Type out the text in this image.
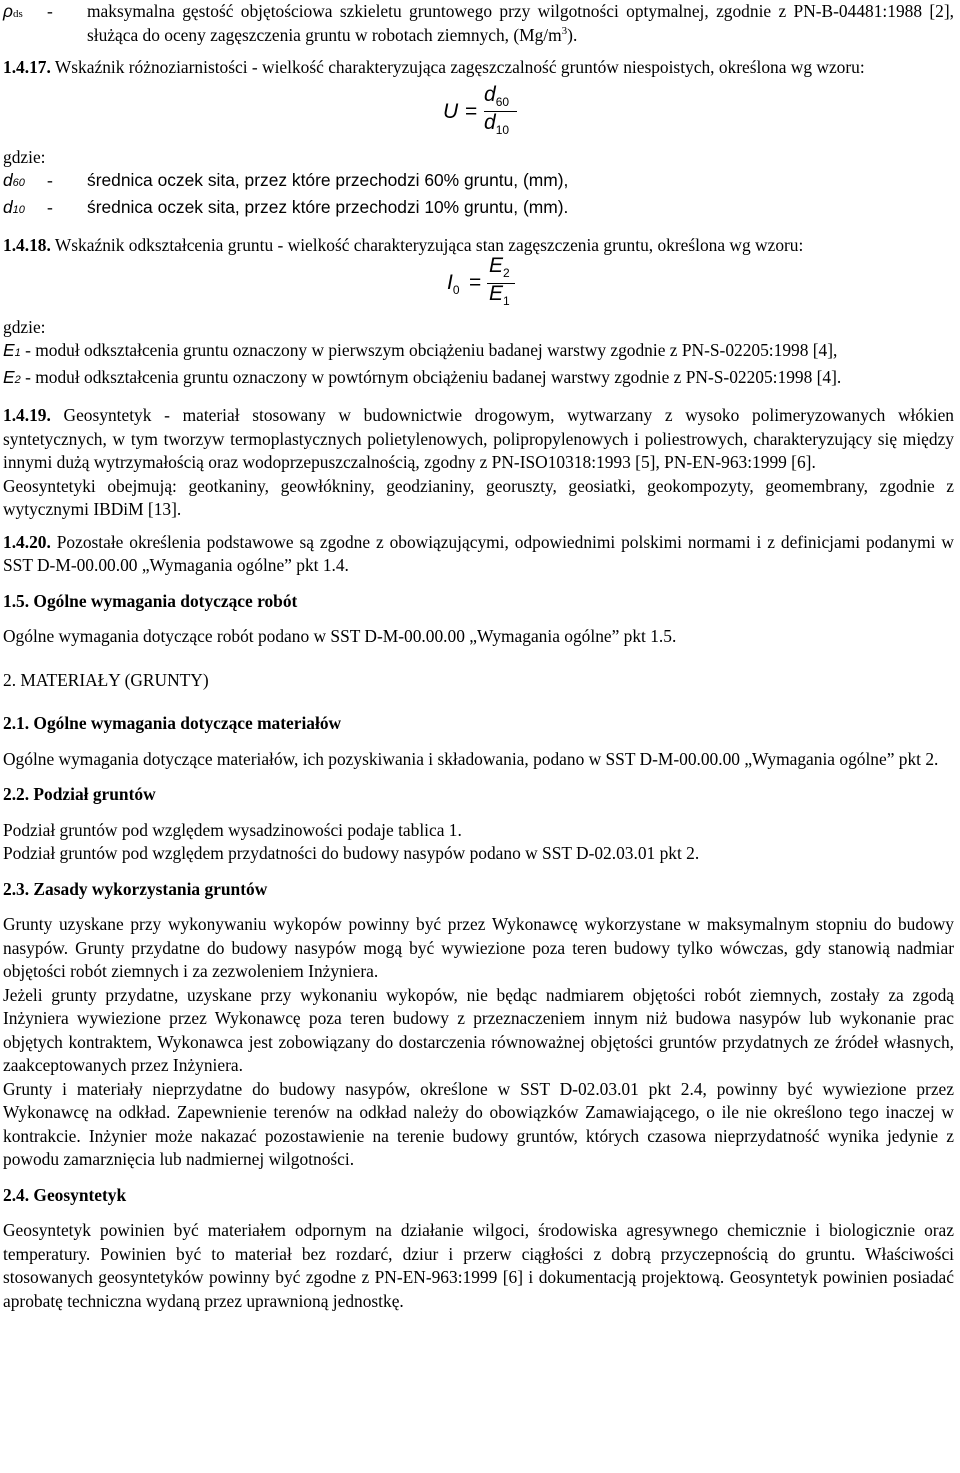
ρds	-	maksymalna gęstość objętościowa szkieletu gruntowego przy wilgotności optymalnej, zgodnie z PN-B-04481:1988 [2], służąca do oceny zagęszczenia gruntu w robotach ziemnych, $(Mg/m^3)$.

1.4.17. Wskaźnik różnoziarnistości - wielkość charakteryzująca zagęszczalność gruntów niespoistych, określona wg wzoru:

U =
$d_{60}$
$d_{10}$

gdzie:

d60	-	średnica oczek sita, przez które przechodzi 60% gruntu, (mm),
d10	-	średnica oczek sita, przez które przechodzi 10% gruntu, (mm).

1.4.18. Wskaźnik odkształcenia gruntu - wielkość charakteryzująca stan zagęszczenia gruntu, określona wg wzoru:

$I_0$ =
$E_2$
$E_1$

gdzie:

E1 - moduł odkształcenia gruntu oznaczony w pierwszym obciążeniu badanej warstwy zgodnie z PN-S-02205:1998 [4],

E2 - moduł odkształcenia gruntu oznaczony w powtórnym obciążeniu badanej warstwy zgodnie z PN-S-02205:1998 [4].

1.4.19. Geosyntetyk - materiał stosowany w budownictwie drogowym, wytwarzany z wysoko polimeryzowanych włókien syntetycznych, w tym tworzyw termoplastycznych polietylenowych, polipropylenowych i poliestrowych, charakteryzujący się między innymi dużą wytrzymałością oraz wodoprzepuszczalnością, zgodny z PN-ISO10318:1993 [5], PN-EN-963:1999 [6].

Geosyntetyki obejmują: geotkaniny, geowłókniny, geodzianiny, georuszty, geosiatki, geokompozyty, geomembrany, zgodnie z wytycznymi IBDiM [13].

1.4.20. Pozostałe określenia podstawowe są zgodne z obowiązującymi, odpowiednimi polskimi normami i z definicjami podanymi w SST D-M-00.00.00 „Wymagania ogólne” pkt 1.4.

1.5. Ogólne wymagania dotyczące robót

Ogólne wymagania dotyczące robót podano w SST D-M-00.00.00 „Wymagania ogólne” pkt 1.5.

2. MATERIAŁY (GRUNTY)

2.1. Ogólne wymagania dotyczące materiałów

Ogólne wymagania dotyczące materiałów, ich pozyskiwania i składowania, podano w SST D-M-00.00.00 „Wymagania ogólne” pkt 2.

2.2. Podział gruntów

Podział gruntów pod względem wysadzinowości podaje tablica 1.

Podział gruntów pod względem przydatności do budowy nasypów podano w SST D-02.03.01 pkt 2.

2.3. Zasady wykorzystania gruntów

Grunty uzyskane przy wykonywaniu wykopów powinny być przez Wykonawcę wykorzystane w maksymalnym stopniu do budowy nasypów. Grunty przydatne do budowy nasypów mogą być wywiezione poza teren budowy tylko wówczas, gdy stanowią nadmiar objętości robót ziemnych i za zezwoleniem Inżyniera.

Jeżeli grunty przydatne, uzyskane przy wykonaniu wykopów, nie będąc nadmiarem objętości robót ziemnych, zostały za zgodą Inżyniera wywiezione przez Wykonawcę poza teren budowy z przeznaczeniem innym niż budowa nasypów lub wykonanie prac objętych kontraktem, Wykonawca jest zobowiązany do dostarczenia równoważnej objętości gruntów przydatnych ze źródeł własnych, zaakceptowanych przez Inżyniera.

Grunty i materiały nieprzydatne do budowy nasypów, określone w SST D-02.03.01 pkt 2.4, powinny być wywiezione przez Wykonawcę na odkład. Zapewnienie terenów na odkład należy do obowiązków Zamawiającego, o ile nie określono tego inaczej w kontrakcie. Inżynier może nakazać pozostawienie na terenie budowy gruntów, których czasowa nieprzydatność wynika jedynie z powodu zamarznięcia lub nadmiernej wilgotności.

2.4. Geosyntetyk

Geosyntetyk powinien być materiałem odpornym na działanie wilgoci, środowiska agresywnego chemicznie i biologicznie oraz temperatury. Powinien być to materiał bez rozdarć, dziur i przerw ciągłości z dobrą przyczepnością do gruntu. Właściwości stosowanych geosyntetyków powinny być zgodne z PN-EN-963:1999 [6] i dokumentacją projektową. Geosyntetyk powinien posiadać aprobatę techniczna wydaną przez uprawnioną jednostkę.
